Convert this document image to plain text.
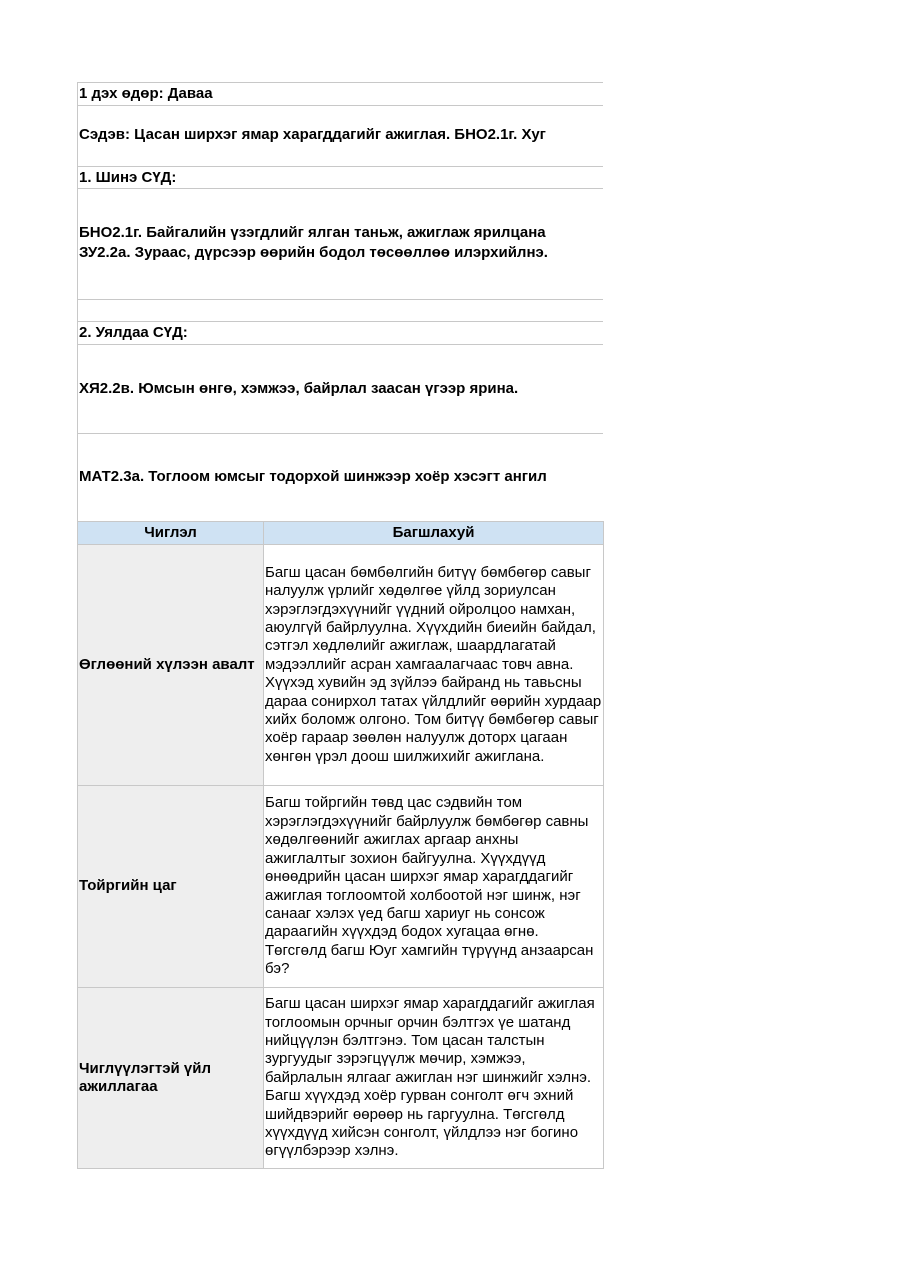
1 дэх өдөр: Даваа
Сэдэв: Цасан ширхэг ямар харагддагийг ажиглая. БНО2.1г. Хуг
1. Шинэ СҮД:
БНО2.1г. Байгалийн үзэгдлийг ялган таньж, ажиглаж ярилцана
ЗУ2.2а. Зураас, дүрсээр өөрийн бодол төсөөллөө илэрхийлнэ.
2. Уялдаа СҮД:
ХЯ2.2в. Юмсын өнгө, хэмжээ, байрлал заасан үгээр ярина.
МАТ2.3а. Тоглоом юмсыг тодорхой шинжээр хоёр хэсэгт ангил
Чиглэл	Багшлахуй
Өглөөний хүлээн авалт	Багш цасан бөмбөлгийн битүү бөмбөгөр савыг налуулж үрлийг хөдөлгөе үйлд зориулсан хэрэглэгдэхүүнийг үүдний ойролцоо намхан, аюулгүй байрлуулна. Хүүхдийн биеийн байдал, сэтгэл хөдлөлийг ажиглаж, шаардлагатай мэдээллийг асран хамгаалагчаас товч авна. Хүүхэд хувийн эд зүйлээ байранд нь тавьсны дараа сонирхол татах үйлдлийг өөрийн хурдаар хийх боломж олгоно. Том битүү бөмбөгөр савыг хоёр гараар зөөлөн налуулж доторх цагаан хөнгөн үрэл доош шилжихийг ажиглана.
Тойргийн цаг	Багш тойргийн төвд цас сэдвийн том хэрэглэгдэхүүнийг байрлуулж бөмбөгөр савны хөдөлгөөнийг ажиглах аргаар анхны ажиглалтыг зохион байгуулна. Хүүхдүүд өнөөдрийн цасан ширхэг ямар харагддагийг ажиглая тоглоомтой холбоотой нэг шинж, нэг санааг хэлэх үед багш хариуг нь сонсож дараагийн хүүхдэд бодох хугацаа өгнө. Төгсгөлд багш Юуг хамгийн түрүүнд анзаарсан бэ?
Чиглүүлэгтэй үйл ажиллагаа	Багш цасан ширхэг ямар харагддагийг ажиглая тоглоомын орчныг орчин бэлтгэх үе шатанд нийцүүлэн бэлтгэнэ. Том цасан талстын зургуудыг зэрэгцүүлж мөчир, хэмжээ, байрлалын ялгааг ажиглан нэг шинжийг хэлнэ. Багш хүүхдэд хоёр гурван сонголт өгч эхний шийдвэрийг өөрөөр нь гаргуулна. Төгсгөлд хүүхдүүд хийсэн сонголт, үйлдлээ нэг богино өгүүлбэрээр хэлнэ.
